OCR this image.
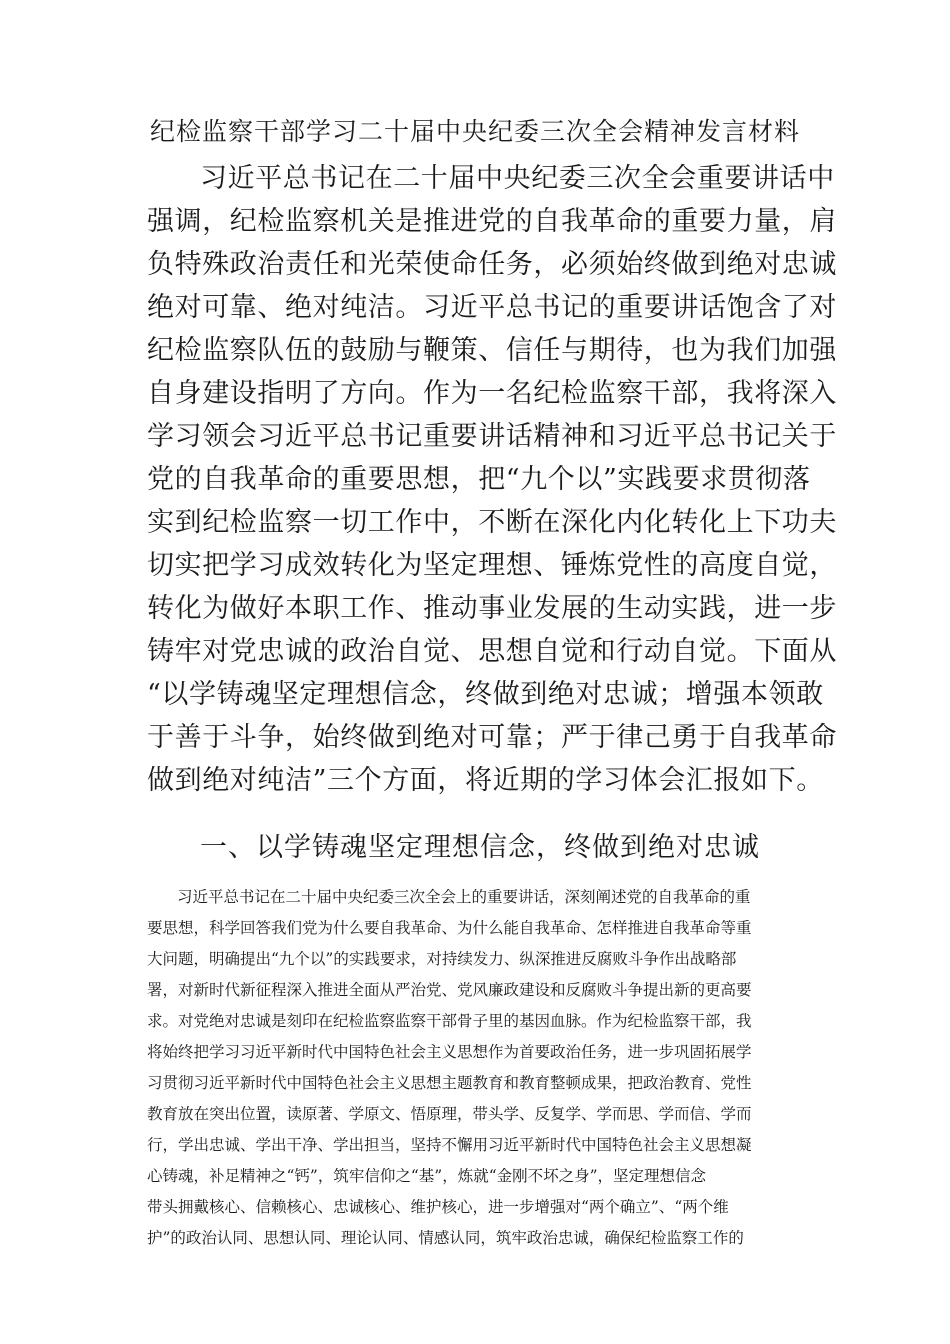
纪检监察干部学习二十届中央纪委三次全会精神发言材料
习近平总书记在二十届中央纪委三次全会重要讲话中
强调，纪检监察机关是推进党的自我革命的重要力量，肩
负特殊政治责任和光荣使命任务，必须始终做到绝对忠诚
绝对可靠、绝对纯洁。习近平总书记的重要讲话饱含了对
纪检监察队伍的鼓励与鞭策、信任与期待，也为我们加强
自身建设指明了方向。作为一名纪检监察干部，我将深入
学习领会习近平总书记重要讲话精神和习近平总书记关于
党的自我革命的重要思想，把“九个以”实践要求贯彻落
实到纪检监察一切工作中，不断在深化内化转化上下功夫
切实把学习成效转化为坚定理想、锤炼党性的高度自觉，
转化为做好本职工作、推动事业发展的生动实践，进一步
铸牢对党忠诚的政治自觉、思想自觉和行动自觉。下面从
“以学铸魂坚定理想信念，终做到绝对忠诚；增强本领敢
于善于斗争，始终做到绝对可靠；严于律己勇于自我革命
做到绝对纯洁”三个方面，将近期的学习体会汇报如下。
一、以学铸魂坚定理想信念，终做到绝对忠诚
习近平总书记在二十届中央纪委三次全会上的重要讲话，深刻阐述党的自我革命的重
要思想，科学回答我们党为什么要自我革命、为什么能自我革命、怎样推进自我革命等重
大问题，明确提出“九个以”的实践要求，对持续发力、纵深推进反腐败斗争作出战略部
署，对新时代新征程深入推进全面从严治党、党风廉政建设和反腐败斗争提出新的更高要
求。对党绝对忠诚是刻印在纪检监察监察干部骨子里的基因血脉。作为纪检监察干部，我
将始终把学习习近平新时代中国特色社会主义思想作为首要政治任务，进一步巩固拓展学
习贯彻习近平新时代中国特色社会主义思想主题教育和教育整顿成果，把政治教育、党性
教育放在突出位置，读原著、学原文、悟原理，带头学、反复学、学而思、学而信、学而
行，学出忠诚、学出干净、学出担当，坚持不懈用习近平新时代中国特色社会主义思想凝
心铸魂，补足精神之“钙”，筑牢信仰之“基”，炼就“金刚不坏之身”，坚定理想信念
带头拥戴核心、信赖核心、忠诚核心、维护核心，进一步增强对“两个确立”、“两个维
护”的政治认同、思想认同、理论认同、情感认同，筑牢政治忠诚，确保纪检监察工作的
